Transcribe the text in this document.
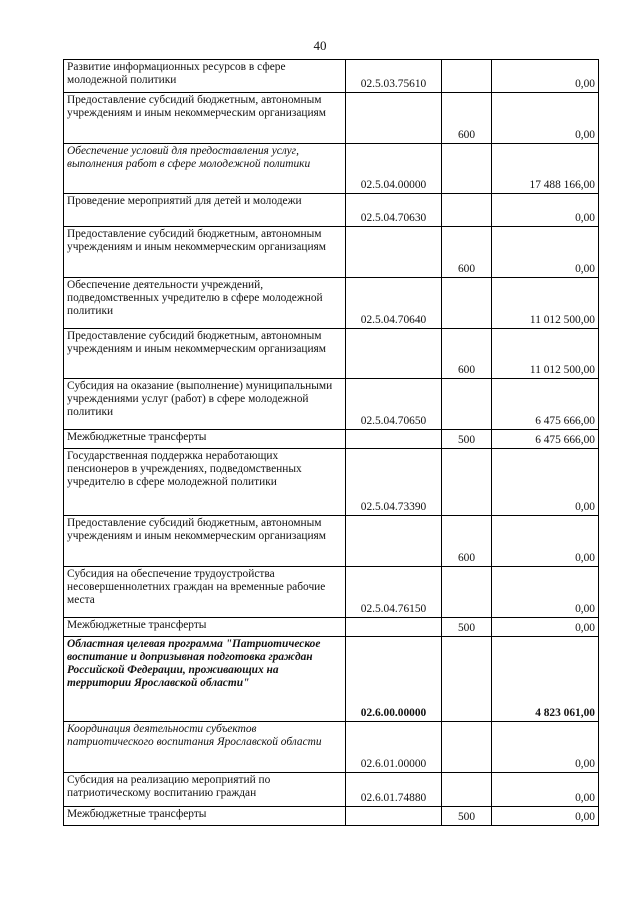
40
Развитие информационных ресурсов в сфере молодежной политики	02.5.03.75610		0,00
Предоставление субсидий бюджетным, автономным учреждениям и иным некоммерческим организациям		600	0,00
Обеспечение условий для предоставления услуг, выполнения работ в сфере молодежной политики	02.5.04.00000		17 488 166,00
Проведение мероприятий для детей и молодежи	02.5.04.70630		0,00
Предоставление субсидий бюджетным, автономным учреждениям и иным некоммерческим организациям		600	0,00
Обеспечение деятельности учреждений, подведомственных учредителю в сфере молодежной политики	02.5.04.70640		11 012 500,00
Предоставление субсидий бюджетным, автономным учреждениям и иным некоммерческим организациям		600	11 012 500,00
Субсидия на оказание (выполнение) муниципальными учреждениями услуг (работ) в сфере молодежной политики	02.5.04.70650		6 475 666,00
Межбюджетные трансферты		500	6 475 666,00
Государственная поддержка неработающих пенсионеров в учреждениях, подведомственных учредителю в сфере молодежной политики	02.5.04.73390		0,00
Предоставление субсидий бюджетным, автономным учреждениям и иным некоммерческим организациям		600	0,00
Субсидия на обеспечение трудоустройства несовершеннолетних граждан на временные рабочие места	02.5.04.76150		0,00
Межбюджетные трансферты		500	0,00
Областная целевая программа "Патриотическое воспитание и допризывная подготовка граждан Российской Федерации, проживающих на территории Ярославской области"	02.6.00.00000		4 823 061,00
Координация деятельности субъектов патриотического воспитания Ярославской области	02.6.01.00000		0,00
Субсидия на реализацию мероприятий по патриотическому воспитанию граждан	02.6.01.74880		0,00
Межбюджетные трансферты		500	0,00
